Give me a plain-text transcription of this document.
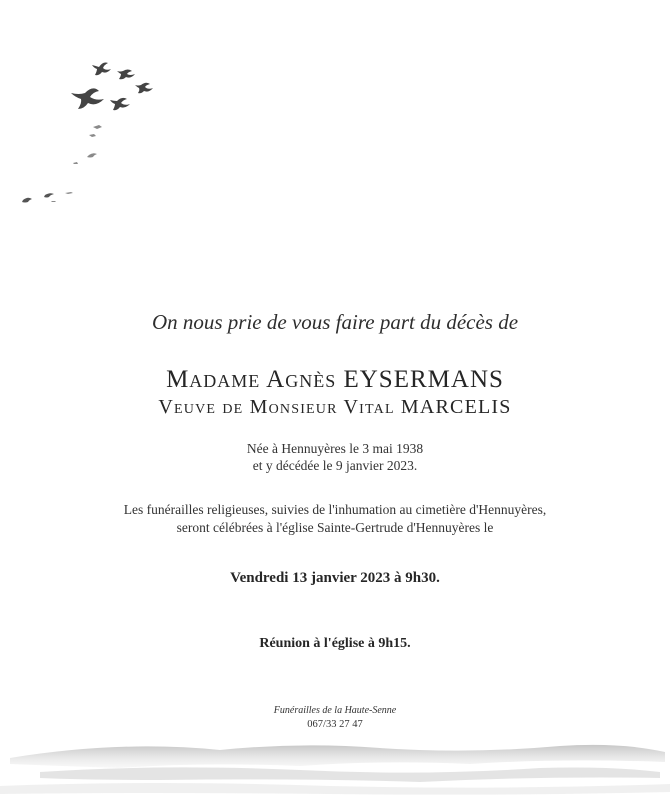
On nous prie de vous faire part du décès de
Madame Agnès EYSERMANS
Veuve de Monsieur Vital MARCELIS
Née à Hennuyères le 3 mai 1938
et y décédée le 9 janvier 2023.
Les funérailles religieuses, suivies de l'inhumation au cimetière d'Hennuyères,
seront célébrées à l'église Sainte-Gertrude d'Hennuyères le
Vendredi 13 janvier 2023 à 9h30.
Réunion à l'église à 9h15.
Funérailles de la Haute-Senne
067/33 27 47
